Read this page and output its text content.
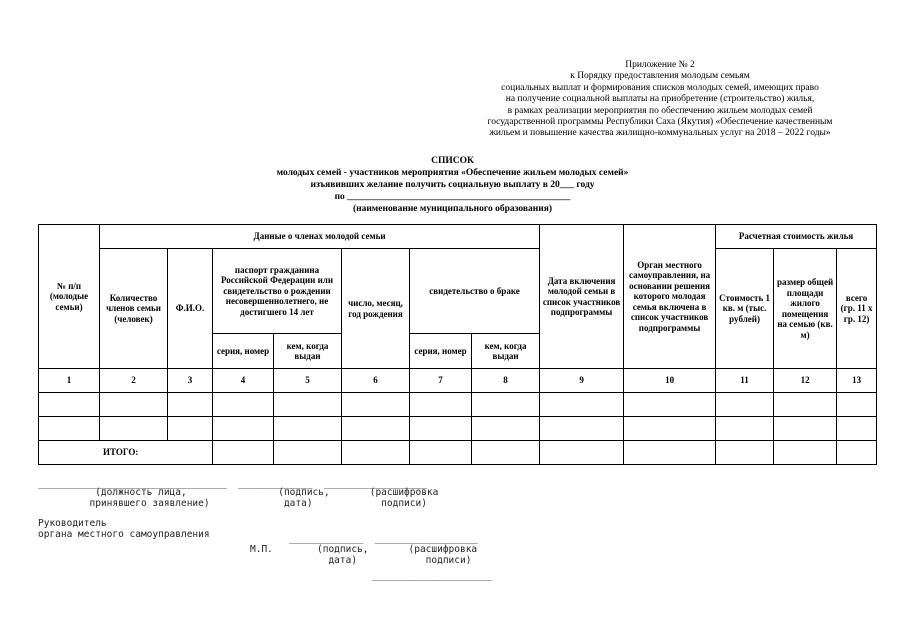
Приложение № 2
к Порядку предоставления молодым семьям
социальных выплат и формирования списков молодых семей, имеющих право
на получение социальной выплаты на приобретение (строительство) жилья,
в рамках реализации мероприятия по обеспечению жильем молодых семей
государственной программы Республики Саха (Якутия) «Обеспечение качественным
жильем и повышение качества жилищно-коммунальных услуг на 2018 – 2022 годы»
СПИСОК
молодых семей - участников мероприятия «Обеспечение жильем молодых семей»
изъявивших желание получить социальную выплату в 20___ году
по _______________________________________________
(наименование муниципального образования)
№ п/п (молодые семьи)	Данные о членах молодой семьи							Дата включения молодой семьи в список участников подпрограммы	Орган местного самоуправления, на основании решения которого молодая семья включена в список участников подпрограммы	Расчетная стоимость жилья		
	Количество членов семьи (человек)	Ф.И.О.	паспорт гражданина Российской Федерации или свидетельство о рождении несовершеннолетнего, не достигшего 14 лет		число, месяц, год рождения	свидетельство о браке				Стоимость 1 кв. м (тыс. рублей)	размер общей площади жилого помещения на семью (кв. м)	всего (гр. 11 х гр. 12)
			серия, номер	кем, когда выдан		серия, номер	кем, когда выдан					
1	2	3	4	5	6	7	8	9	10	11	12	13

ИТОГО:												
_________________________________  _____________  __________________
(должность лица,                (подпись,       (расшифровка
принявшего заявление)             дата)            подписи)
Руководитель
органа местного самоуправления	_____________  __________________
М.П.	(подпись,       (расшифровка
дата)            подписи)
_____________________
